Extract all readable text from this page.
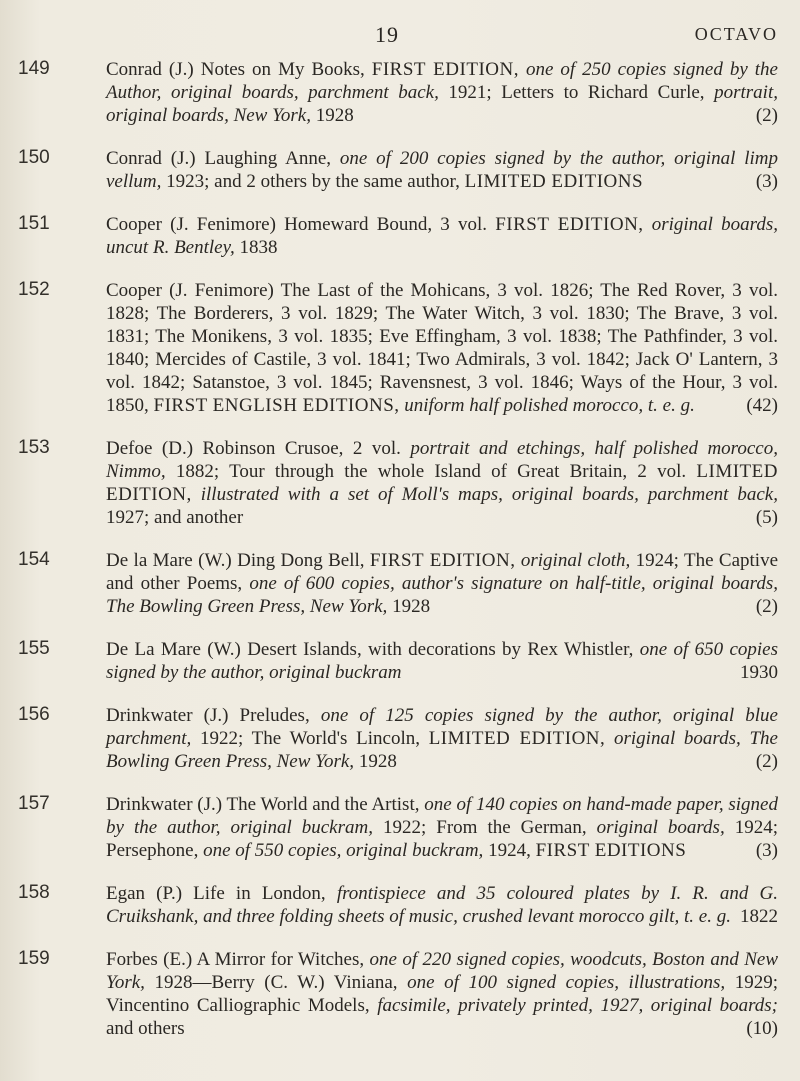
19	OCTAVO
149	Conrad (J.) Notes on My Books, FIRST EDITION, one of 250 copies signed by the Author, original boards, parchment back, 1921; Letters to Richard Curle, portrait, original boards, New York, 1928	(2)
150	Conrad (J.) Laughing Anne, one of 200 copies signed by the author, original limp vellum, 1923; and 2 others by the same author, LIMITED EDITIONS	(3)
151	Cooper (J. Fenimore) Homeward Bound, 3 vol. FIRST EDITION, original boards, uncut R. Bentley, 1838
152	Cooper (J. Fenimore) The Last of the Mohicans, 3 vol. 1826; The Red Rover, 3 vol. 1828; The Borderers, 3 vol. 1829; The Water Witch, 3 vol. 1830; The Brave, 3 vol. 1831; The Monikens, 3 vol. 1835; Eve Effingham, 3 vol. 1838; The Pathfinder, 3 vol. 1840; Mercides of Castile, 3 vol. 1841; Two Admirals, 3 vol. 1842; Jack O' Lantern, 3 vol. 1842; Satanstoe, 3 vol. 1845; Ravensnest, 3 vol. 1846; Ways of the Hour, 3 vol. 1850, FIRST ENGLISH EDITIONS, uniform half polished morocco, t. e. g.	(42)
153	Defoe (D.) Robinson Crusoe, 2 vol. portrait and etchings, half polished morocco, Nimmo, 1882; Tour through the whole Island of Great Britain, 2 vol. LIMITED EDITION, illustrated with a set of Moll's maps, original boards, parchment back, 1927; and another	(5)
154	De la Mare (W.) Ding Dong Bell, FIRST EDITION, original cloth, 1924; The Captive and other Poems, one of 600 copies, author's signature on half-title, original boards, The Bowling Green Press, New York, 1928	(2)
155	De La Mare (W.) Desert Islands, with decorations by Rex Whistler, one of 650 copies signed by the author, original buckram	1930
156	Drinkwater (J.) Preludes, one of 125 copies signed by the author, original blue parchment, 1922; The World's Lincoln, LIMITED EDITION, original boards, The Bowling Green Press, New York, 1928	(2)
157	Drinkwater (J.) The World and the Artist, one of 140 copies on hand-made paper, signed by the author, original buckram, 1922; From the German, original boards, 1924; Persephone, one of 550 copies, original buckram, 1924, FIRST EDITIONS	(3)
158	Egan (P.) Life in London, frontispiece and 35 coloured plates by I. R. and G. Cruikshank, and three folding sheets of music, crushed levant morocco gilt, t. e. g. 1822
159	Forbes (E.) A Mirror for Witches, one of 220 signed copies, woodcuts, Boston and New York, 1928—Berry (C. W.) Viniana, one of 100 signed copies, illustrations, 1929; Vincentino Calliographic Models, facsimile, privately printed, 1927, original boards; and others	(10)
